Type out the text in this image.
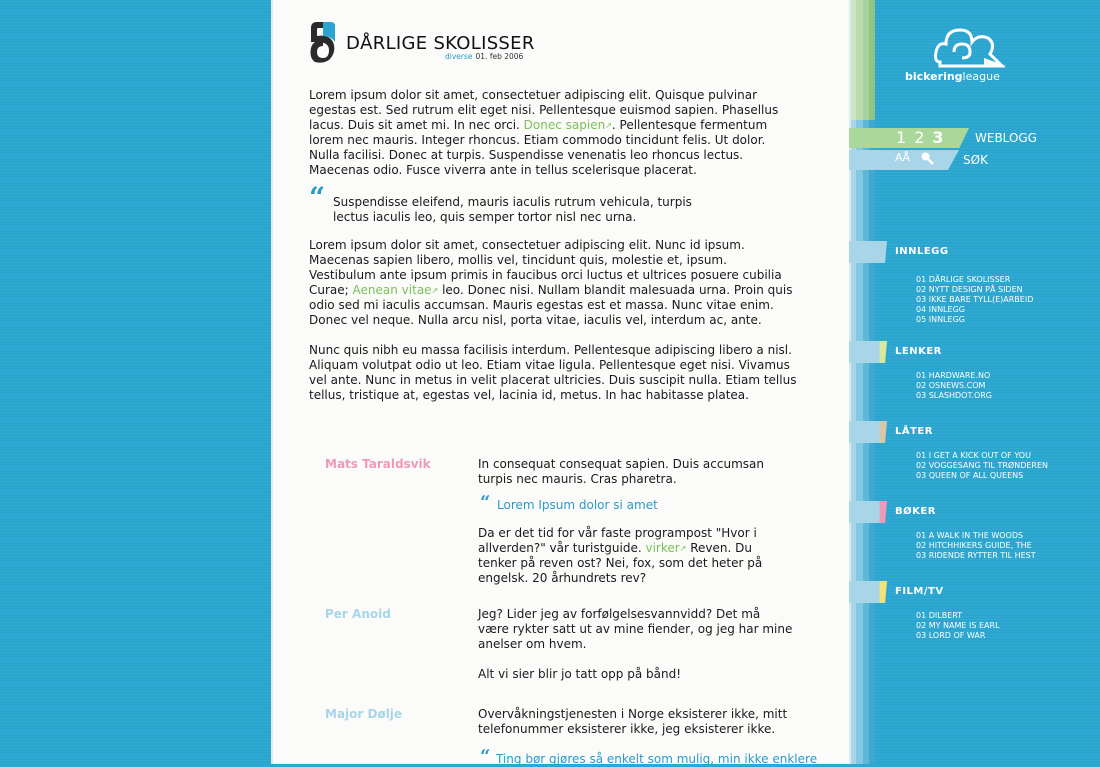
DÅRLIGE SKOLISSER
diverse 01. feb 2006

Lorem ipsum dolor sit amet, consectetuer adipiscing elit. Quisque pulvinar
egestas est. Sed rutrum elit eget nisi. Pellentesque euismod sapien. Phasellus
lacus. Duis sit amet mi. In nec orci. Donec sapien↗. Pellentesque fermentum
lorem nec mauris. Integer rhoncus. Etiam commodo tincidunt felis. Ut dolor.
Nulla facilisi. Donec at turpis. Suspendisse venenatis leo rhoncus lectus.
Maecenas odio. Fusce viverra ante in tellus scelerisque placerat.

“ Suspendisse eleifend, mauris iaculis rutrum vehicula, turpis
lectus iaculis leo, quis semper tortor nisl nec urna.

Lorem ipsum dolor sit amet, consectetuer adipiscing elit. Nunc id ipsum.
Maecenas sapien libero, mollis vel, tincidunt quis, molestie et, ipsum.
Vestibulum ante ipsum primis in faucibus orci luctus et ultrices posuere cubilia
Curae; Aenean vitae↗ leo. Donec nisi. Nullam blandit malesuada urna. Proin quis
odio sed mi iaculis accumsan. Mauris egestas est et massa. Nunc vitae enim.
Donec vel neque. Nulla arcu nisl, porta vitae, iaculis vel, interdum ac, ante.

Nunc quis nibh eu massa facilisis interdum. Pellentesque adipiscing libero a nisl.
Aliquam volutpat odio ut leo. Etiam vitae ligula. Pellentesque eget nisi. Vivamus
vel ante. Nunc in metus in velit placerat ultricies. Duis suscipit nulla. Etiam tellus
tellus, tristique at, egestas vel, lacinia id, metus. In hac habitasse platea.

Mats Taraldsvik	In consequat consequat sapien. Duis accumsan
turpis nec mauris. Cras pharetra.

“ Lorem Ipsum dolor si amet

Da er det tid for vår faste programpost "Hvor i
allverden?" vår turistguide. virker↗ Reven. Du
tenker på reven ost? Nei, fox, som det heter på
engelsk. 20 århundrets rev?

Per Anoid	Jeg? Lider jeg av forfølgelsesvannvidd? Det må
være rykter satt ut av mine fiender, og jeg har mine
anelser om hvem.

Alt vi sier blir jo tatt opp på bånd!

Major Dølje	Overvåkningstjenesten i Norge eksisterer ikke, mitt
telefonummer eksisterer ikke, jeg eksisterer ikke.

“ Ting bør gjøres så enkelt som mulig, min ikke enklere

bickeringleague
123 WEBLOGG
AÅ	SØK
INNLEGG
01 DÅRLIGE SKOLISSER
02 NYTT DESIGN PÅ SIDEN
03 IKKE BARE TYLL(E)ARBEID
04 INNLEGG
05 INNLEGG
LENKER
01 HARDWARE.NO
02 OSNEWS.COM
03 SLASHDOT.ORG
LÅTER
01 I GET A KICK OUT OF YOU
02 VOGGESANG TIL TRØNDEREN
03 QUEEN OF ALL QUEENS
BØKER
01 A WALK IN THE WOODS
02 HITCHHIKERS GUIDE, THE
03 RIDENDE RYTTER TIL HEST
FILM/TV
01 DILBERT
02 MY NAME IS EARL
03 LORD OF WAR
